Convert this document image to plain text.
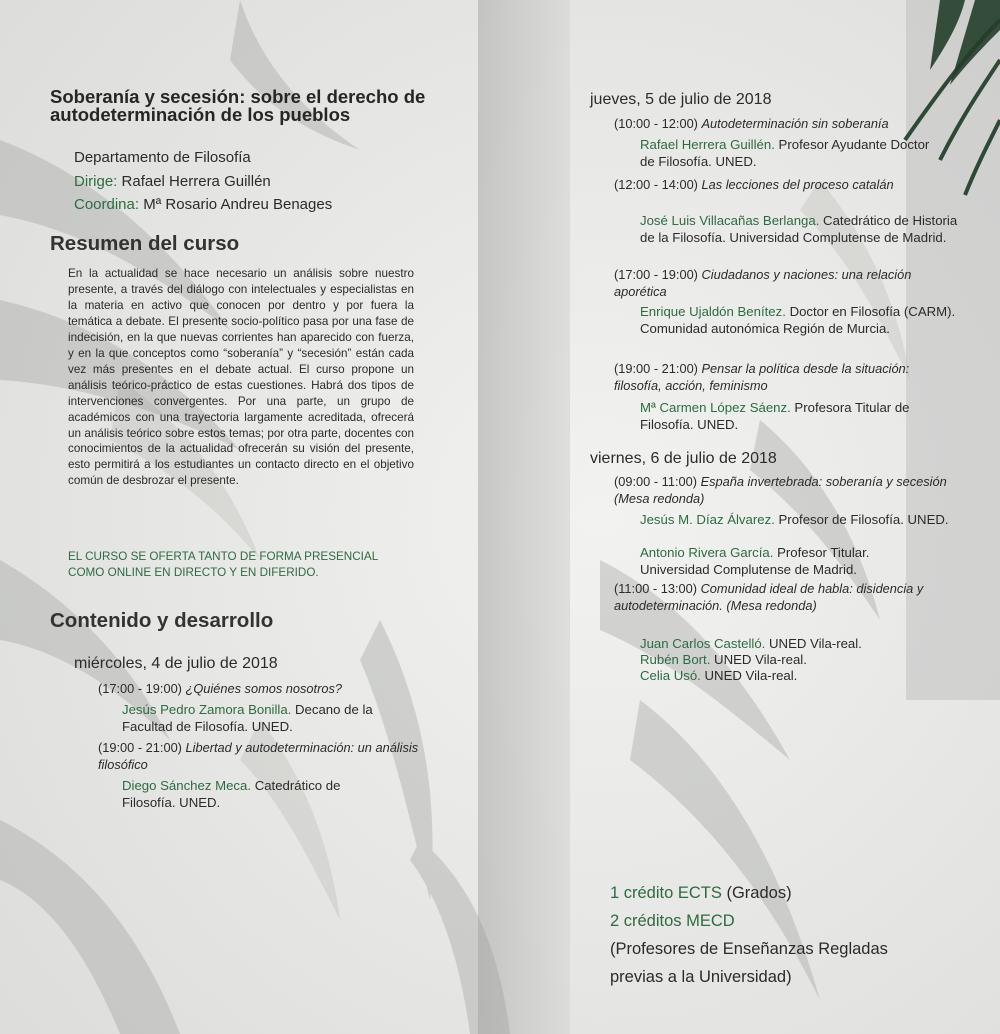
Soberanía y secesión: sobre el derecho de autodeterminación de los pueblos
Departamento de Filosofía
Dirige: Rafael Herrera Guillén
Coordina: Mª Rosario Andreu Benages
Resumen del curso

En la actualidad se hace necesario un análisis sobre nuestro presente, a través del diálogo con intelectuales y especialistas en la materia en activo que conocen por dentro y por fuera la temática a debate. El presente socio-político pasa por una fase de indecisión, en la que nuevas corrientes han aparecido con fuerza, y en la que conceptos como “soberanía” y “secesión” están cada vez más presentes en el debate actual. El curso propone un análisis teórico-práctico de estas cuestiones. Habrá dos tipos de intervenciones convergentes. Por una parte, un grupo de académicos con una trayectoria largamente acreditada, ofrecerá un análisis teórico sobre estos temas; por otra parte, docentes con conocimientos de la actualidad ofrecerán su visión del presente, esto permitirá a los estudiantes un contacto directo en el objetivo común de desbrozar el presente.

EL CURSO SE OFERTA TANTO DE FORMA PRESENCIAL
COMO ONLINE EN DIRECTO Y EN DIFERIDO.
Contenido y desarrollo
miércoles, 4 de julio de 2018
(17:00 - 19:00) ¿Quiénes somos nosotros?
Jesús Pedro Zamora Bonilla. Decano de la Facultad de Filosofía. UNED.
(19:00 - 21:00) Libertad y autodeterminación: un análisis filosófico
Diego Sánchez Meca. Catedrático de Filosofía. UNED.
jueves, 5 de julio de 2018
(10:00 - 12:00) Autodeterminación sin soberanía
Rafael Herrera Guillén. Profesor Ayudante Doctor de Filosofía. UNED.
(12:00 - 14:00) Las lecciones del proceso catalán
José Luis Villacañas Berlanga. Catedrático de Historia de la Filosofía. Universidad Complutense de Madrid.
(17:00 - 19:00) Ciudadanos y naciones: una relación aporética
Enrique Ujaldón Benítez. Doctor en Filosofía (CARM). Comunidad autonómica Región de Murcia.
(19:00 - 21:00) Pensar la política desde la situación: filosofía, acción, feminismo
Mª Carmen López Sáenz. Profesora Titular de Filosofía. UNED.
viernes, 6 de julio de 2018
(09:00 - 11:00) España invertebrada: soberanía y secesión (Mesa redonda)
Jesús M. Díaz Álvarez. Profesor de Filosofía. UNED.
Antonio Rivera García. Profesor Titular. Universidad Complutense de Madrid.
(11:00 - 13:00) Comunidad ideal de habla: disidencia y autodeterminación. (Mesa redonda)
Juan Carlos Castelló. UNED Vila-real.
Rubén Bort. UNED Vila-real.
Celia Usó. UNED Vila-real.
1 crédito ECTS (Grados)
2 créditos MECD
(Profesores de Enseñanzas Regladas
previas a la Universidad)
